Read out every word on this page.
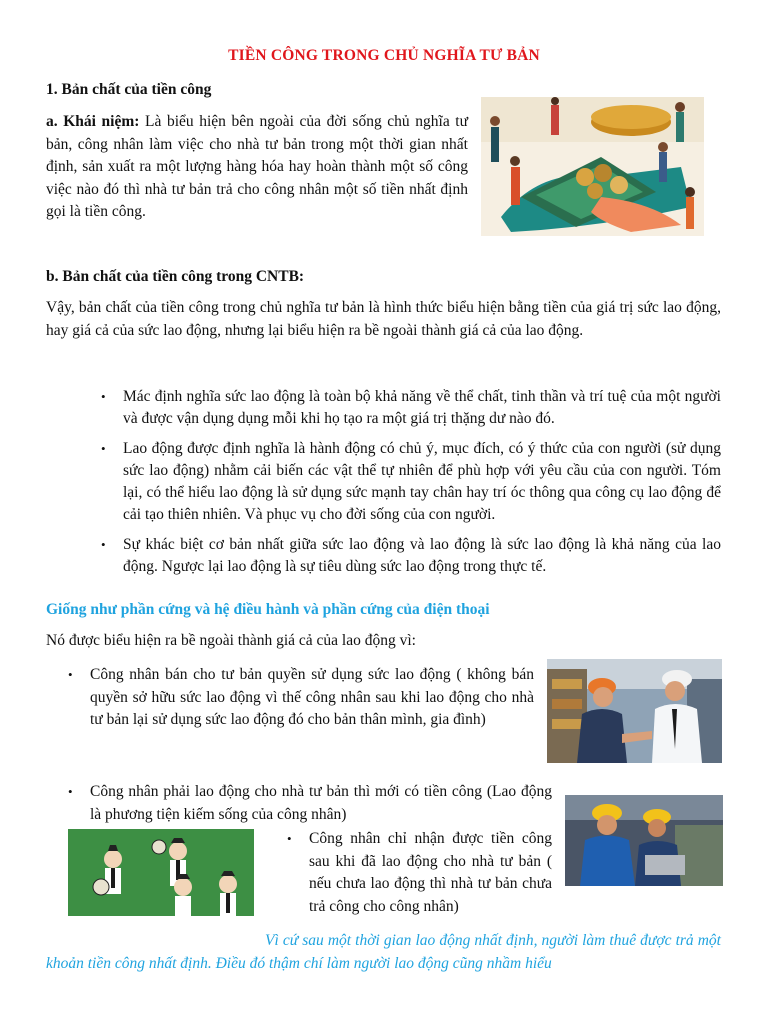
TIỀN CÔNG TRONG CHỦ NGHĨA TƯ BẢN
1. Bản chất của tiền công
a. Khái niệm: Là biểu hiện bên ngoài của đời sống chủ nghĩa tư bản, công nhân làm việc cho nhà tư bản trong một thời gian nhất định, sản xuất ra một lượng hàng hóa hay hoàn thành một số công việc nào đó thì nhà tư bản trả cho công nhân một số tiền nhất định gọi là tiền công.
b. Bản chất của tiền công trong CNTB:
Vậy, bản chất của tiền công trong chủ nghĩa tư bản là hình thức biểu hiện bằng tiền của giá trị sức lao động, hay giá cả của sức lao động, nhưng lại biểu hiện ra bề ngoài thành giá cả của lao động.
• Mác định nghĩa sức lao động là toàn bộ khả năng về thể chất, tinh thần và trí tuệ của một người và được vận dụng dụng mỗi khi họ tạo ra một giá trị thặng dư nào đó.
• Lao động được định nghĩa là hành động có chủ ý, mục đích, có ý thức của con người (sử dụng sức lao động) nhằm cải biến các vật thể tự nhiên để phù hợp với yêu cầu của con người. Tóm lại, có thể hiểu lao động là sử dụng sức mạnh tay chân hay trí óc thông qua công cụ lao động để cải tạo thiên nhiên. Và phục vụ cho đời sống của con người.
• Sự khác biệt cơ bản nhất giữa sức lao động và lao động là sức lao động là khả năng của lao động. Ngược lại lao động là sự tiêu dùng sức lao động trong thực tế.
Giống như phần cứng và hệ điều hành và phần cứng của điện thoại
Nó được biểu hiện ra bề ngoài thành giá cả của lao động vì:
• Công nhân bán cho tư bản quyền sử dụng sức lao động ( không bán quyền sở hữu sức lao động vì thế công nhân sau khi lao động cho nhà tư bản lại sử dụng sức lao động đó cho bản thân mình, gia đình)
• Công nhân phải lao động cho nhà tư bản thì mới có tiền công (Lao động là phương tiện kiếm sống của công nhân)
• Công nhân chỉ nhận được tiền công sau khi đã lao động cho nhà tư bản ( nếu chưa lao động thì nhà tư bản chưa trả công cho công nhân)
Vì cứ sau một thời gian lao động nhất định, người làm thuê được trả một khoản tiền công nhất định. Điều đó thậm chí làm người lao động cũng nhầm hiểu
